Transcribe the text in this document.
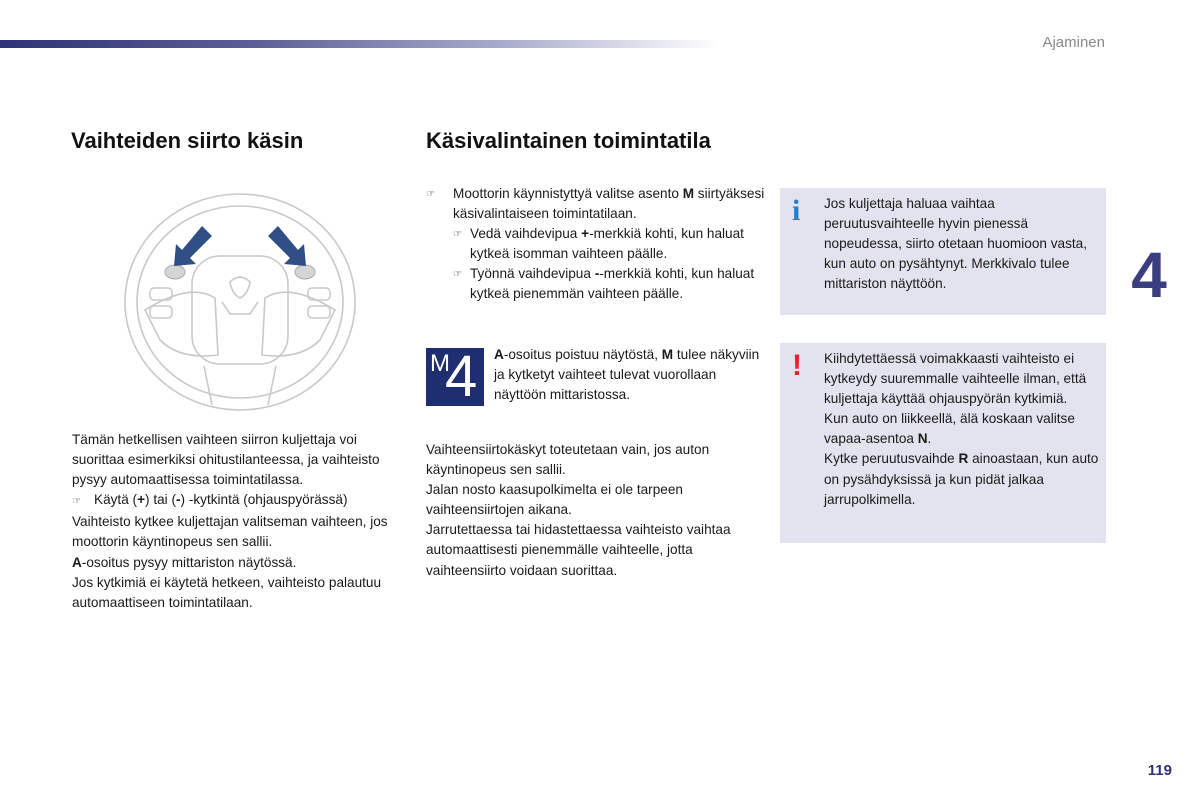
Ajaminen
4
119
Vaihteiden siirto käsin
Tämän hetkellisen vaihteen siirron kuljettaja voi suorittaa esimerkiksi ohitustilanteessa, ja vaihteisto pysyy automaattisessa toimintatilassa.
☞ Käytä (+) tai (-) -kytkintä (ohjauspyörässä)
Vaihteisto kytkee kuljettajan valitseman vaihteen, jos moottorin käyntinopeus sen sallii.
A-osoitus pysyy mittariston näytössä.
Jos kytkimiä ei käytetä hetkeen, vaihteisto palautuu automaattiseen toimintatilaan.
Käsivalintainen toimintatila
☞	Moottorin käynnistyttyä valitse asento M siirtyäksesi käsivalintaiseen toimintatilaan.
☞ Vedä vaihdevipua +-merkkiä kohti, kun haluat kytkeä isomman vaihteen päälle.
☞ Työnnä vaihdevipua --merkkiä kohti, kun haluat kytkeä pienemmän vaihteen päälle.
M
4 A-osoitus poistuu näytöstä, M tulee näkyviin ja kytketyt vaihteet tulevat vuorollaan näyttöön mittaristossa.
Vaihteensiirtokäskyt toteutetaan vain, jos auton käyntinopeus sen sallii.
Jalan nosto kaasupolkimelta ei ole tarpeen vaihteensiirtojen aikana.
Jarrutettaessa tai hidastettaessa vaihteisto vaihtaa automaattisesti pienemmälle vaihteelle, jotta vaihteensiirto voidaan suorittaa.
i Jos kuljettaja haluaa vaihtaa peruutusvaihteelle hyvin pienessä nopeudessa, siirto otetaan huomioon vasta, kun auto on pysähtynyt. Merkkivalo tulee mittariston näyttöön.
! Kiihdytettäessä voimakkaasti vaihteisto ei kytkeydy suuremmalle vaihteelle ilman, että kuljettaja käyttää ohjauspyörän kytkimiä.
Kun auto on liikkeellä, älä koskaan valitse vapaa-asentoa N.
Kytke peruutusvaihde R ainoastaan, kun auto on pysähdyksissä ja kun pidät jalkaa jarrupolkimella.
